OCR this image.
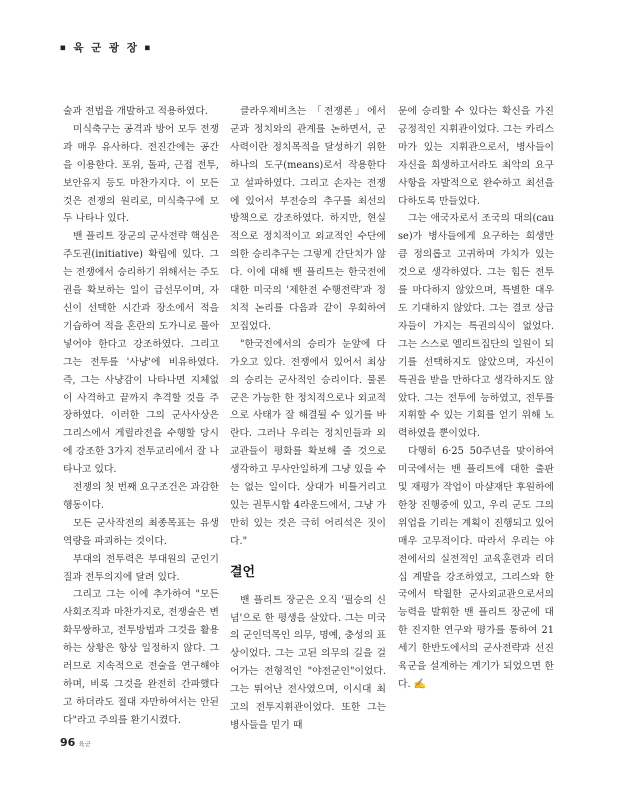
■ 육 군 광 장 ■

술과 전법을 개발하고 적용하였다.

미식축구는 공격과 방어 모두 전쟁과 매우 유사하다. 전진간에는 공간을 이용한다. 포위, 돌파, 근접 전투, 보안유지 등도 마찬가지다. 이 모든 것은 전쟁의 원리로, 미식축구에 모두 나타나 있다.

밴 플리트 장군의 군사전략 핵심은 주도권(initiative) 확립에 있다. 그는 전쟁에서 승리하기 위해서는 주도권을 확보하는 일이 급선무이며, 자신이 선택한 시간과 장소에서 적을 기습하여 적을 혼란의 도가니로 몰아 넣어야 한다고 강조하였다. 그리고 그는 전투를 '사냥'에 비유하였다. 즉, 그는 사냥감이 나타나면 지체없이 사격하고 끝까지 추격할 것을 주장하였다. 이러한 그의 군사사상은 그리스에서 게릴라전을 수행할 당시에 강조한 3가지 전투교리에서 잘 나타나고 있다.

전쟁의 첫 번째 요구조건은 과감한 행동이다.

모든 군사작전의 최종목표는 유생역량을 파괴하는 것이다.

부대의 전투력은 부대원의 군인기질과 전투의지에 달려 있다.

그리고 그는 이에 추가하여 "모든 사회조직과 마찬가지로, 전쟁술은 변화무쌍하고, 전투방법과 그것을 활용하는 상황은 항상 일정하지 않다. 그러므로 지속적으로 전술을 연구해야 하며, 비록 그것을 완전히 간파했다고 하더라도 절대 자만하여서는 안된다"라고 주의를 환기시켰다.

클라우제비츠는 「전쟁론」에서 군과 정치와의 관계를 논하면서, 군사력이란 정치목적을 달성하기 위한 하나의 도구(means)로서 작용한다고 설파하였다. 그리고 손자는 전쟁에 있어서 부전승의 추구를 최선의 방책으로 강조하였다. 하지만, 현실적으로 정치적이고 외교적인 수단에 의한 승리추구는 그렇게 간단치가 않다. 이에 대해 밴 플리트는 한국전에 대한 미국의 '제한전 수행전략'과 정치적 논리를 다음과 같이 우회하여 꼬집었다.

"한국전에서의 승리가 눈앞에 다가오고 있다. 전쟁에서 있어서 최상의 승리는 군사적인 승리이다. 물론 군은 가능한 한 정치적으로나 외교적으로 사태가 잘 해결될 수 있기를 바란다. 그러나 우리는 정치인들과 외교관들이 평화를 확보해 줄 것으로 생각하고 무사안일하게 그냥 있을 수는 없는 일이다. 상대가 비틀거리고 있는 권투시합 4라운드에서, 그냥 가만히 있는 것은 극히 어리석은 짓이다."

결언

밴 플리트 장군은 오직 '필승의 신념'으로 한 평생을 살았다. 그는 미국의 군인덕목인 의무, 명예, 충성의 표상이었다. 그는 고된 의무의 길을 걸어가는 전형적인 "야전군인"이었다. 그는 뛰어난 전사였으며, 이시대 최고의 전투지휘관이었다. 또한 그는 병사들을 믿기 때

문에 승리할 수 있다는 확신을 가진 긍정적인 지휘관이었다. 그는 카리스마가 있는 지휘관으로서, 병사들이 자신을 희생하고서라도 최악의 요구사항을 자발적으로 완수하고 최선을 다하도록 만들었다.

그는 애국자로서 조국의 대의(cause)가 병사들에게 요구하는 희생만큼 정의롭고 고귀하며 가치가 있는 것으로 생각하였다. 그는 힘든 전투를 마다하지 않았으며, 특별한 대우도 기대하지 않았다. 그는 결코 상급자들이 가지는 특권의식이 없었다. 그는 스스로 엘리트집단의 일원이 되기를 선택하지도 않았으며, 자신이 특권을 받을 만하다고 생각하지도 않았다. 그는 전투에 능하였고, 전투를 지휘할 수 있는 기회를 얻기 위해 노력하였을 뿐이었다.

다행히 6·25 50주년을 맞이하여 미국에서는 밴 플리트에 대한 출판 및 재평가 작업이 마샬재단 후원하에 한창 진행중에 있고, 우리 군도 그의 위업을 기리는 계획이 진행되고 있어 매우 고무적이다. 따라서 우리는 야전에서의 실전적인 교육훈련과 리더십 계발을 강조하였고, 그리스와 한국에서 탁월한 군사외교관으로서의 능력을 발휘한 밴 플리트 장군에 대한 진지한 연구와 평가를 통하여 21세기 한반도에서의 군사전략과 선진육군을 설계하는 계기가 되었으면 한다. ✍

96 육군
